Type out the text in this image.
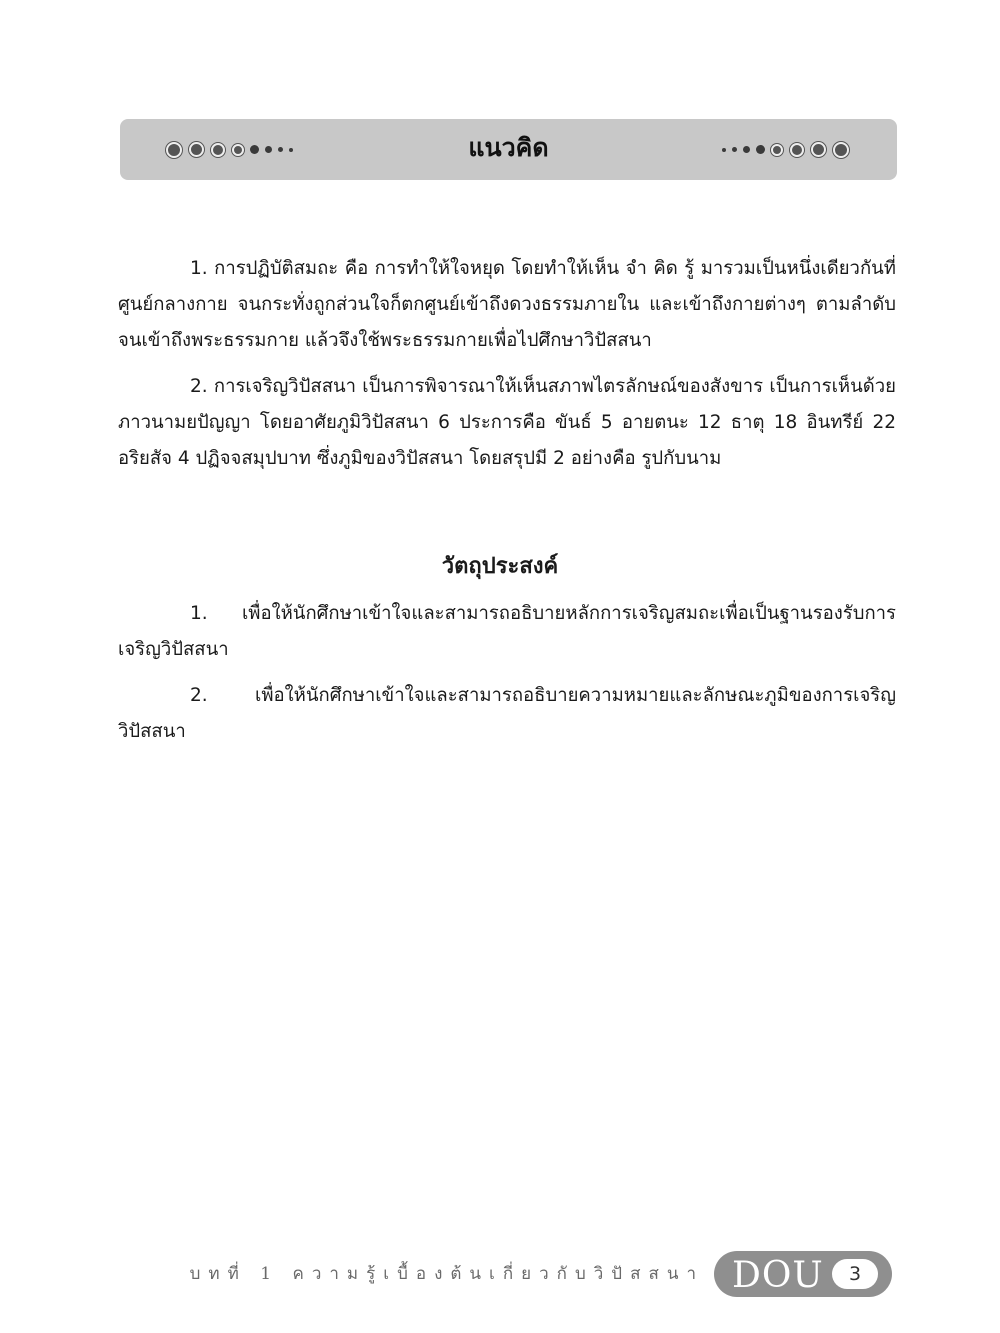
แนวคิด

1. การปฏิบัติสมถะ คือ การทำให้ใจหยุด โดยทำให้เห็น จำ คิด รู้ มารวมเป็นหนึ่งเดียวกันที่ศูนย์กลางกาย จนกระทั่งถูกส่วนใจก็ตกศูนย์เข้าถึงดวงธรรมภายใน และเข้าถึงกายต่างๆ ตามลำดับจนเข้าถึงพระธรรมกาย แล้วจึงใช้พระธรรมกายเพื่อไปศึกษาวิปัสสนา

2. การเจริญวิปัสสนา เป็นการพิจารณาให้เห็นสภาพไตรลักษณ์ของสังขาร เป็นการเห็นด้วยภาวนามยปัญญา โดยอาศัยภูมิวิปัสสนา 6 ประการคือ ขันธ์ 5 อายตนะ 12 ธาตุ 18 อินทรีย์ 22 อริยสัจ 4 ปฏิจจสมุปบาท ซึ่งภูมิของวิปัสสนา โดยสรุปมี 2 อย่างคือ รูปกับนาม

วัตถุประสงค์

1. เพื่อให้นักศึกษาเข้าใจและสามารถอธิบายหลักการเจริญสมถะเพื่อเป็นฐานรองรับการเจริญวิปัสสนา

2. เพื่อให้นักศึกษาเข้าใจและสามารถอธิบายความหมายและลักษณะภูมิของการเจริญวิปัสสนา

บทที่ 1 ความรู้เบื้องต้นเกี่ยวกับวิปัสสนา DOU	3
